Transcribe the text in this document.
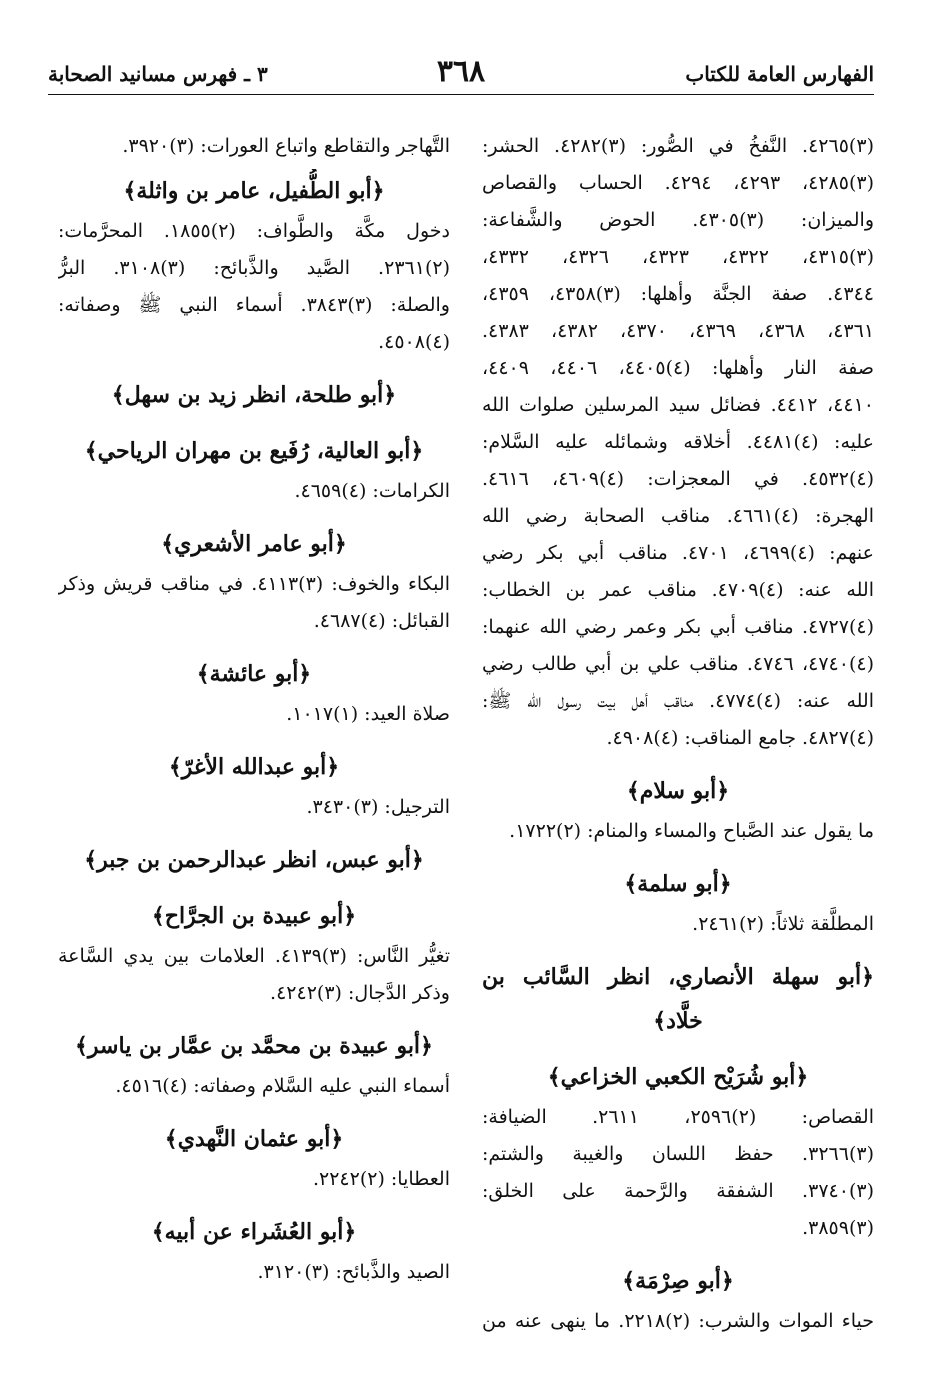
الفهارس العامة للكتاب
٣٦٨
٣ ـ فهرس مسانيد الصحابة
(٣)٤٢٦٥. النَّفخُ في الصُّور: (٣)٤٢٨٢. الحشر:
(٣)٤٢٨٥، ٤٢٩٣، ٤٢٩٤. الحساب والقصاص
والميزان: (٣)٤٣٠٥. الحوض والشَّفاعة:
(٣)٤٣١٥، ٤٣٢٢، ٤٣٢٣، ٤٣٢٦، ٤٣٣٢،
٤٣٤٤. صفة الجنَّة وأهلها: (٣)٤٣٥٨، ٤٣٥٩،
٤٣٦١، ٤٣٦٨، ٤٣٦٩، ٤٣٧٠، ٤٣٨٢، ٤٣٨٣.
صفة النار وأهلها: (٤)٤٤٠٥، ٤٤٠٦، ٤٤٠٩،
٤٤١٠، ٤٤١٢. فضائل سيد المرسلين صلوات الله
عليه: (٤)٤٤٨١. أخلاقه وشمائله عليه السَّلام:
(٤)٤٥٣٢. في المعجزات: (٤)٤٦٠٩، ٤٦١٦.
الهجرة: (٤)٤٦٦١. مناقب الصحابة رضي الله
عنهم: (٤)٤٦٩٩، ٤٧٠١. مناقب أبي بكر رضي
الله عنه: (٤)٤٧٠٩. مناقب عمر بن الخطاب:
(٤)٤٧٢٧. مناقب أبي بكر وعمر رضي الله عنهما:
(٤)٤٧٤٠، ٤٧٤٦. مناقب علي بن أبي طالب رضي
الله عنه: (٤)٤٧٧٤. مناقب أهل بيت رسول الله ﷺ:
(٤)٤٨٢٧. جامع المناقب: (٤)٤٩٠٨.
﴿أبو سلام﴾
ما يقول عند الصَّباح والمساء والمنام: (٢)١٧٢٢.
﴿أبو سلمة﴾
المطلَّقة ثلاثاً: (٢)٢٤٦١.
﴿أبو سهلة الأنصاري، انظر السَّائب بن
خلَّاد﴾
﴿أبو شُرَيْح الكعبي الخزاعي﴾
القصاص: (٢)٢٥٩٦، ٢٦١١. الضيافة:
(٣)٣٢٦٦. حفظ اللسان والغيبة والشتم:
(٣)٣٧٤٠. الشفقة والرَّحمة على الخلق:
(٣)٣٨٥٩.
﴿أبو صِرْمَة﴾
حياء الموات والشرب: (٢)٢٢١٨. ما ينهى عنه من
التَّهاجر والتقاطع واتباع العورات: (٣)٣٩٢٠.
﴿أبو الطُّفيل، عامر بن واثلة﴾
دخول مكَّة والطَّواف: (٢)١٨٥٥. المحرَّمات:
(٢)٢٣٦١. الصَّيد والذَّبائح: (٣)٣١٠٨. البرُّ
والصلة: (٣)٣٨٤٣. أسماء النبي ﷺ وصفاته:
(٤)٤٥٠٨.
﴿أبو طلحة، انظر زيد بن سهل﴾
﴿أبو العالية، رُفَيع بن مهران الرياحي﴾
الكرامات: (٤)٤٦٥٩.
﴿أبو عامر الأشعري﴾
البكاء والخوف: (٣)٤١١٣. في مناقب قريش وذكر
القبائل: (٤)٤٦٨٧.
﴿أبو عائشة﴾
صلاة العيد: (١)١٠١٧.
﴿أبو عبدالله الأغرّ﴾
الترجيل: (٣)٣٤٣٠.
﴿أبو عبس، انظر عبدالرحمن بن جبر﴾
﴿أبو عبيدة بن الجرَّاح﴾
تغيُّر النَّاس: (٣)٤١٣٩. العلامات بين يدي السَّاعة
وذكر الدَّجال: (٣)٤٢٤٢.
﴿أبو عبيدة بن محمَّد بن عمَّار بن ياسر﴾
أسماء النبي عليه السَّلام وصفاته: (٤)٤٥١٦.
﴿أبو عثمان النَّهدي﴾
العطايا: (٢)٢٢٤٢.
﴿أبو العُشَراء عن أبيه﴾
الصيد والذَّبائح: (٣)٣١٢٠.
